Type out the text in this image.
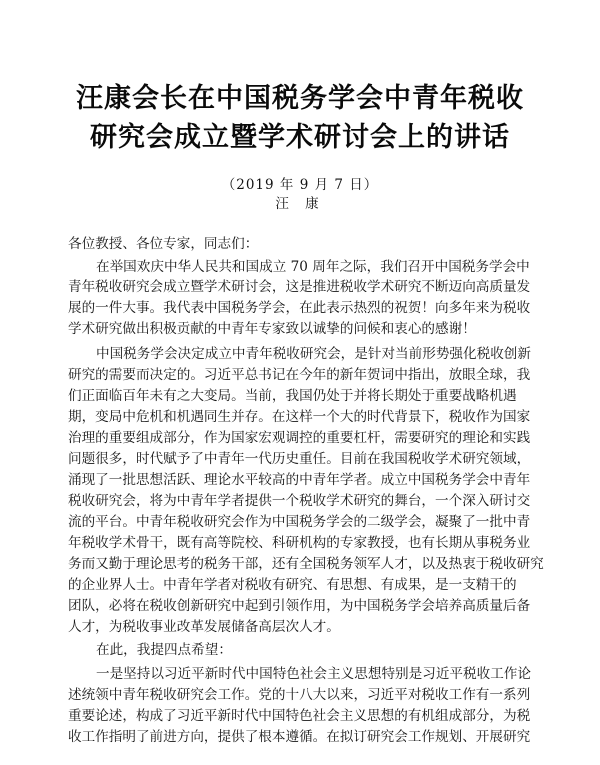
汪康会长在中国税务学会中青年税收
研究会成立暨学术研讨会上的讲话
（2019 年 9 月 7 日）
汪 康
各位教授、各位专家，同志们：
在举国欢庆中华人民共和国成立 70 周年之际，我们召开中国税务学会中
青年税收研究会成立暨学术研讨会，这是推进税收学术研究不断迈向高质量发
展的一件大事。我代表中国税务学会，在此表示热烈的祝贺！向多年来为税收
学术研究做出积极贡献的中青年专家致以诚挚的问候和衷心的感谢！
中国税务学会决定成立中青年税收研究会，是针对当前形势强化税收创新
研究的需要而决定的。习近平总书记在今年的新年贺词中指出，放眼全球，我
们正面临百年未有之大变局。当前，我国仍处于并将长期处于重要战略机遇
期，变局中危机和机遇同生并存。在这样一个大的时代背景下，税收作为国家
治理的重要组成部分，作为国家宏观调控的重要杠杆，需要研究的理论和实践
问题很多，时代赋予了中青年一代历史重任。目前在我国税收学术研究领域，
涌现了一批思想活跃、理论水平较高的中青年学者。成立中国税务学会中青年
税收研究会，将为中青年学者提供一个税收学术研究的舞台，一个深入研讨交
流的平台。中青年税收研究会作为中国税务学会的二级学会，凝聚了一批中青
年税收学术骨干，既有高等院校、科研机构的专家教授，也有长期从事税务业
务而又勤于理论思考的税务干部，还有全国税务领军人才，以及热衷于税收研究
的企业界人士。中青年学者对税收有研究、有思想、有成果，是一支精干的
团队，必将在税收创新研究中起到引领作用，为中国税务学会培养高质量后备
人才，为税收事业改革发展储备高层次人才。
在此，我提四点希望：
一是坚持以习近平新时代中国特色社会主义思想特别是习近平税收工作论
述统领中青年税收研究会工作。党的十八大以来，习近平对税收工作有一系列
重要论述，构成了习近平新时代中国特色社会主义思想的有机组成部分，为税
收工作指明了前进方向，提供了根本遵循。在拟订研究会工作规划、开展研究
